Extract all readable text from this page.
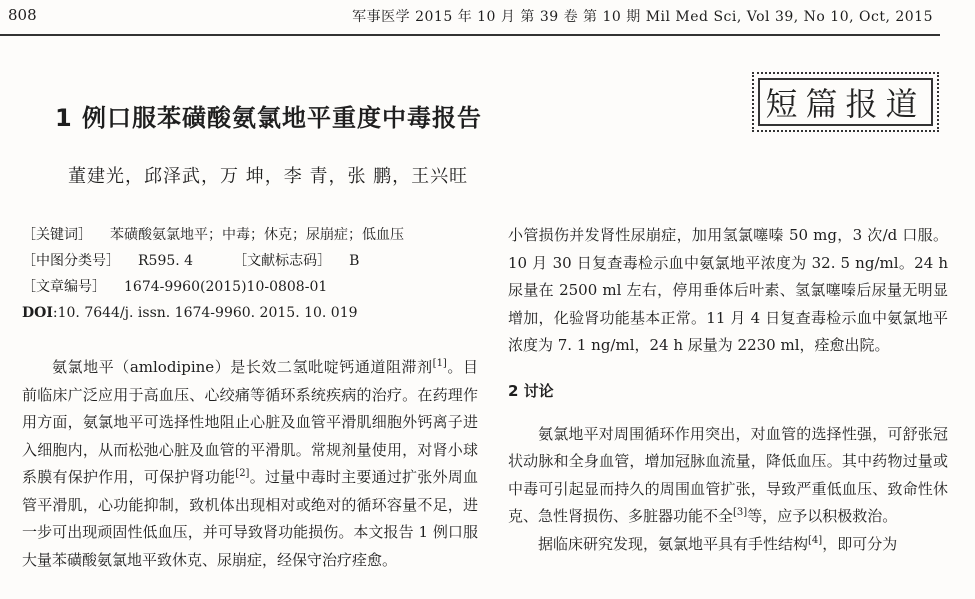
808	军事医学 2015 年 10 月 第 39 卷 第 10 期 Mil Med Sci, Vol 39, No 10, Oct, 2015
短篇报道
1 例口服苯磺酸氨氯地平重度中毒报告
董建光，邱泽武，万 坤，李 青，张 鹏，王兴旺
［关键词］ 苯磺酸氨氯地平；中毒；休克；尿崩症；低血压
［中图分类号］ R595. 4	［文献标志码］ B
［文章编号］ 1674-9960(2015)10-0808-01
DOI:10. 7644/j. issn. 1674-9960. 2015. 10. 019

氨氯地平（amlodipine）是长效二氢吡啶钙通道阻滞剂[1]。目前临床广泛应用于高血压、心绞痛等循环系统疾病的治疗。在药理作用方面，氨氯地平可选择性地阻止心脏及血管平滑肌细胞外钙离子进入细胞内，从而松弛心脏及血管的平滑肌。常规剂量使用，对肾小球系膜有保护作用，可保护肾功能[2]。过量中毒时主要通过扩张外周血管平滑肌，心功能抑制，致机体出现相对或绝对的循环容量不足，进一步可出现顽固性低血压，并可导致肾功能损伤。本文报告 1 例口服大量苯磺酸氨氯地平致休克、尿崩症，经保守治疗痊愈。

小管损伤并发肾性尿崩症，加用氢氯噻嗪 50 mg，3 次/d 口服。10 月 30 日复查毒检示血中氨氯地平浓度为 32. 5 ng/ml。24 h 尿量在 2500 ml 左右，停用垂体后叶素、氢氯噻嗪后尿量无明显增加，化验肾功能基本正常。11 月 4 日复查毒检示血中氨氯地平浓度为 7. 1 ng/ml，24 h 尿量为 2230 ml，痊愈出院。

2 讨论

氨氯地平对周围循环作用突出，对血管的选择性强，可舒张冠状动脉和全身血管，增加冠脉血流量，降低血压。其中药物过量或中毒可引起显而持久的周围血管扩张，导致严重低血压、致命性休克、急性肾损伤、多脏器功能不全[3]等，应予以积极救治。

据临床研究发现，氨氯地平具有手性结构[4]，即可分为
